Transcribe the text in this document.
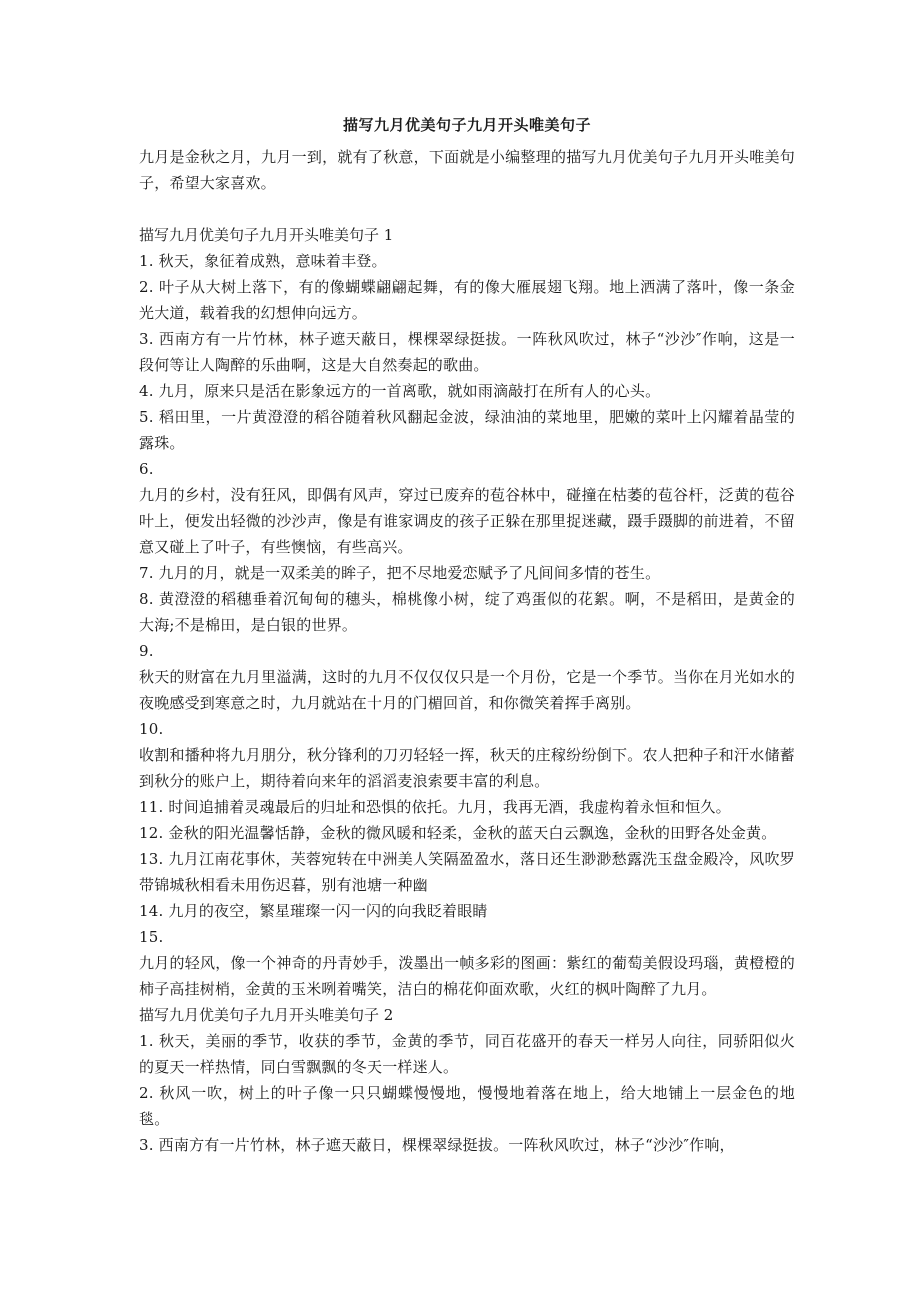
描写九月优美句子九月开头唯美句子

九月是金秋之月，九月一到，就有了秋意，下面就是小编整理的描写九月优美句子九月开头唯美句子，希望大家喜欢。

描写九月优美句子九月开头唯美句子 1

1. 秋天，象征着成熟，意味着丰登。

2. 叶子从大树上落下，有的像蝴蝶翩翩起舞，有的像大雁展翅飞翔。地上洒满了落叶，像一条金光大道，载着我的幻想伸向远方。

3. 西南方有一片竹林，林子遮天蔽日，棵棵翠绿挺拔。一阵秋风吹过，林子“沙沙″作响，这是一段何等让人陶醉的乐曲啊，这是大自然奏起的歌曲。

4. 九月，原来只是活在影象远方的一首离歌，就如雨滴敲打在所有人的心头。

5. 稻田里，一片黄澄澄的稻谷随着秋风翻起金波，绿油油的菜地里，肥嫩的菜叶上闪耀着晶莹的露珠。

6.

九月的乡村，没有狂风，即偶有风声，穿过已废弃的苞谷林中，碰撞在枯萎的苞谷杆，泛黄的苞谷叶上，便发出轻微的沙沙声，像是有谁家调皮的孩子正躲在那里捉迷藏，蹑手蹑脚的前进着，不留意又碰上了叶子，有些懊恼，有些高兴。

7. 九月的月，就是一双柔美的眸子，把不尽地爱恋赋予了凡间间多情的苍生。

8. 黄澄澄的稻穗垂着沉甸甸的穗头，棉桃像小树，绽了鸡蛋似的花絮。啊，不是稻田，是黄金的大海;不是棉田，是白银的世界。

9.

秋天的财富在九月里溢满，这时的九月不仅仅仅只是一个月份，它是一个季节。当你在月光如水的夜晚感受到寒意之时，九月就站在十月的门楣回首，和你微笑着挥手离别。

10.

收割和播种将九月朋分，秋分锋利的刀刃轻轻一挥，秋天的庄稼纷纷倒下。农人把种子和汗水储蓄到秋分的账户上，期待着向来年的滔滔麦浪索要丰富的利息。

11. 时间追捕着灵魂最后的归址和恐惧的依托。九月，我再无酒，我虚构着永恒和恒久。

12. 金秋的阳光温馨恬静，金秋的微风暖和轻柔，金秋的蓝天白云飘逸，金秋的田野各处金黄。

13. 九月江南花事休，芙蓉宛转在中洲美人笑隔盈盈水，落日还生渺渺愁露洗玉盘金殿冷，风吹罗带锦城秋相看未用伤迟暮，别有池塘一种幽

14. 九月的夜空，繁星璀璨一闪一闪的向我眨着眼睛

15.

九月的轻风，像一个神奇的丹青妙手，泼墨出一帧多彩的图画：紫红的葡萄美假设玛瑙，黄橙橙的柿子高挂树梢，金黄的玉米咧着嘴笑，洁白的棉花仰面欢歌，火红的枫叶陶醉了九月。

描写九月优美句子九月开头唯美句子 2

1. 秋天，美丽的季节，收获的季节，金黄的季节，同百花盛开的春天一样另人向往，同骄阳似火的夏天一样热情，同白雪飘飘的冬天一样迷人。

2. 秋风一吹，树上的叶子像一只只蝴蝶慢慢地，慢慢地着落在地上，给大地铺上一层金色的地毯。

3. 西南方有一片竹林，林子遮天蔽日，棵棵翠绿挺拔。一阵秋风吹过，林子“沙沙″作响，
